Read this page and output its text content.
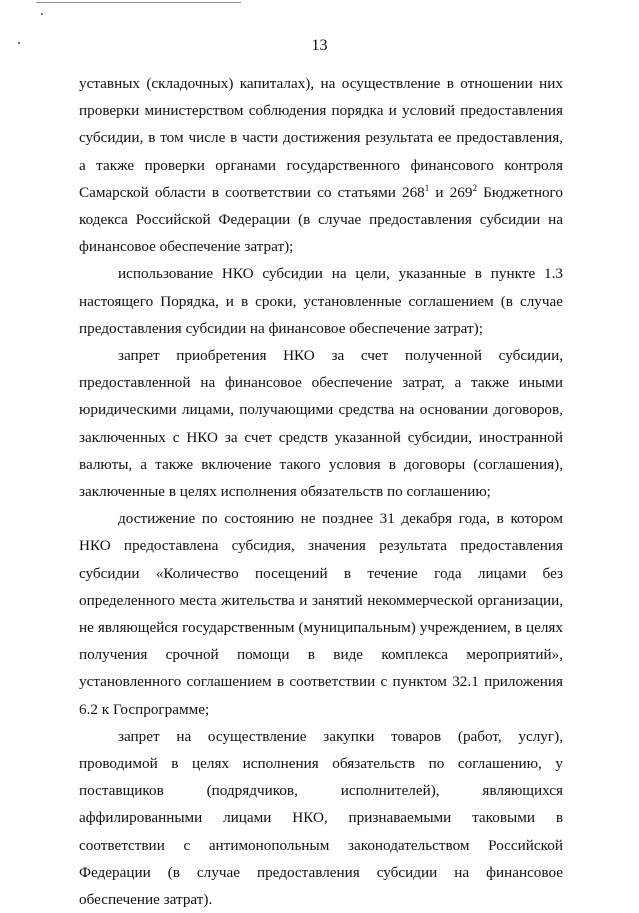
13

уставных (складочных) капиталах), на осуществление в отношении них проверки министерством соблюдения порядка и условий предоставления субсидии, в том числе в части достижения результата ее предоставления, а также проверки органами государственного финансового контроля Самарской области в соответствии со статьями $268^1$ и $269^2$ Бюджетного кодекса Российской Федерации (в случае предоставления субсидии на финансовое обеспечение затрат);

использование НКО субсидии на цели, указанные в пункте 1.3 настоящего Порядка, и в сроки, установленные соглашением (в случае предоставления субсидии на финансовое обеспечение затрат);

запрет приобретения НКО за счет полученной субсидии, предоставленной на финансовое обеспечение затрат, а также иными юридическими лицами, получающими средства на основании договоров, заключенных с НКО за счет средств указанной субсидии, иностранной валюты, а также включение такого условия в договоры (соглашения), заключенные в целях исполнения обязательств по соглашению;

достижение по состоянию не позднее 31 декабря года, в котором НКО предоставлена субсидия, значения результата предоставления субсидии «Количество посещений в течение года лицами без определенного места жительства и занятий некоммерческой организации, не являющейся государственным (муниципальным) учреждением, в целях получения срочной помощи в виде комплекса мероприятий», установленного соглашением в соответствии с пунктом 32.1 приложения 6.2 к Госпрограмме;

запрет на осуществление закупки товаров (работ, услуг), проводимой в целях исполнения обязательств по соглашению, у поставщиков (подрядчиков, исполнителей), являющихся аффилированными лицами НКО, признаваемыми таковыми в соответствии с антимонопольным законодательством Российской Федерации (в случае предоставления субсидии на финансовое обеспечение затрат).
